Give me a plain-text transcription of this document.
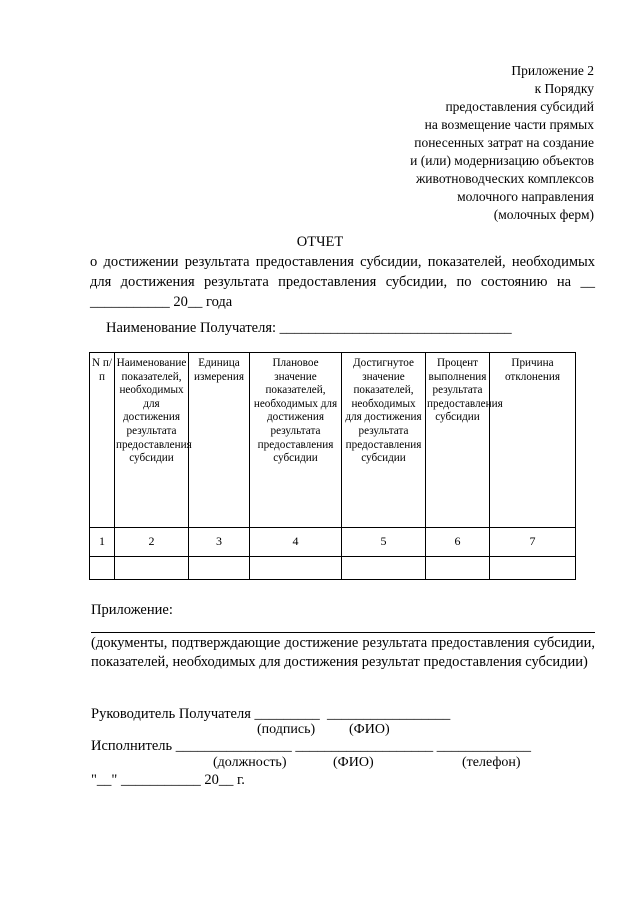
Приложение 2
к Порядку
предоставления субсидий
на возмещение части прямых
понесенных затрат на создание
и (или) модернизацию объектов
животноводческих комплексов
молочного направления
(молочных ферм)
ОТЧЕТ
о достижении результата предоставления субсидии, показателей, необходимых для достижения результата предоставления субсидии, по состоянию на __ ___________ 20__ года
Наименование Получателя: ________________________________
N п/п	Наименование показателей, необходимых для достижения результата предоставления субсидии	Единица измерения	Плановое значение показателей, необходимых для достижения результата предоставления субсидии	Достигнутое значение показателей, необходимых для достижения результата предоставления субсидии	Процент выполнения результата предоставления субсидии	Причина отклонения
1	2	3	4	5	6	7

Приложение:
(документы, подтверждающие достижение результата предоставления субсидии, показателей, необходимых для достижения результат предоставления субсидии)
Руководитель Получателя _________  _________________
(подпись) (ФИО)
Исполнитель ________________ ___________________ _____________
(должность)	(ФИО)	(телефон)
"__" ___________ 20__ г.
